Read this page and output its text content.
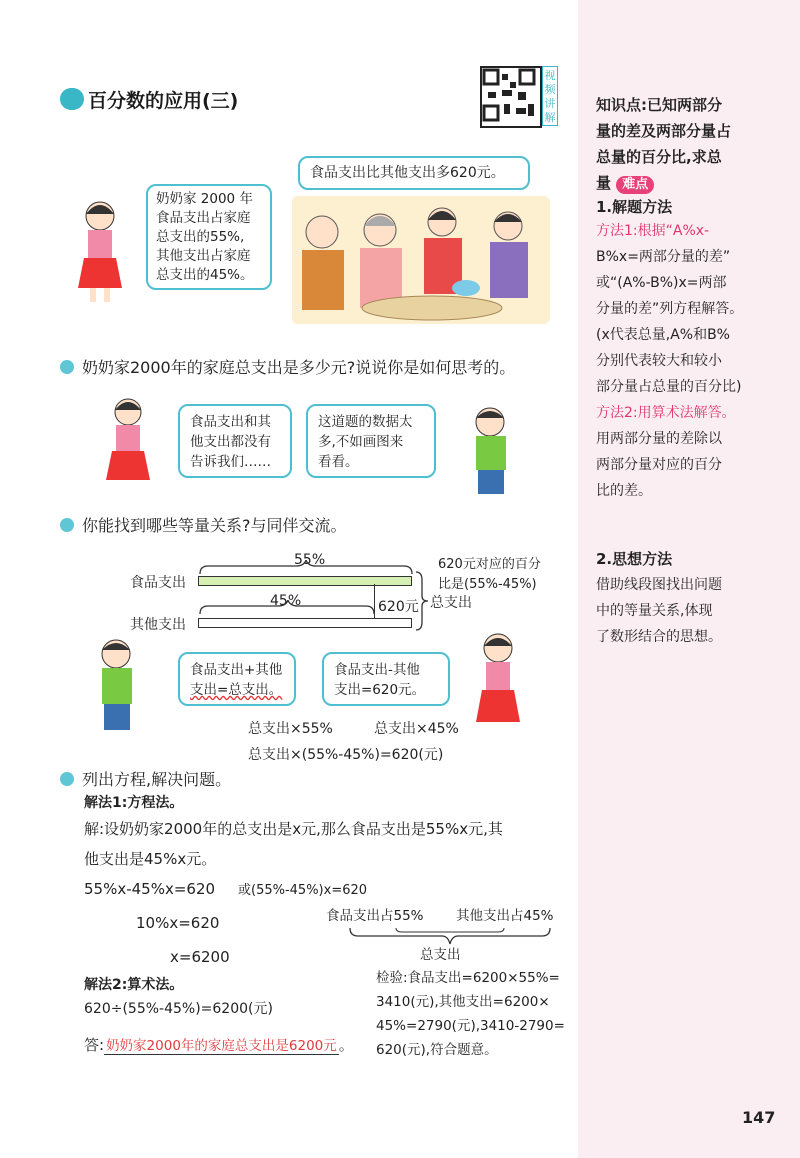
知识点:已知两部分
量的差及两部分量占
总量的百分比,求总
量 难点
1.解题方法
方法1:根据“A%x-
B%x=两部分量的差”
或“(A%-B%)x=两部
分量的差”列方程解答。
(x代表总量,A%和B%
分别代表较大和较小
部分量占总量的百分比)
方法2:用算术法解答。
用两部分量的差除以
两部分量对应的百分
比的差。
2.思想方法
借助线段图找出问题
中的等量关系,体现
了数形结合的思想。
百分数的应用(三)
视频讲解
奶奶家 2000 年
食品支出占家庭
总支出的55%,
其他支出占家庭
总支出的45%。
食品支出比其他支出多620元。
奶奶家2000年的家庭总支出是多少元?说说你是如何思考的。
食品支出和其
他支出都没有
告诉我们……
这道题的数据太
多,不如画图来
看看。
你能找到哪些等量关系?与同伴交流。
55%
食品支出
45%	620元
其他支出
总支出
620元对应的百分
比是(55%-45%)
食品支出+其他
支出=总支出。
食品支出-其他
支出=620元。
总支出×55%	总支出×45%
总支出×(55%-45%)=620(元)
列出方程,解决问题。
解法1:方程法。
解:设奶奶家2000年的总支出是x元,那么食品支出是55%x元,其
他支出是45%x元。
55%x-45%x=620 或(55%-45%)x=620
10%x=620
x=6200
食品支出占55% 其他支出占45%
总支出
解法2:算术法。
620÷(55%-45%)=6200(元)
检验:食品支出=6200×55%=
3410(元),其他支出=6200×
45%=2790(元),3410-2790=
620(元),符合题意。
答: 奶奶家2000年的家庭总支出是6200元 。
147
